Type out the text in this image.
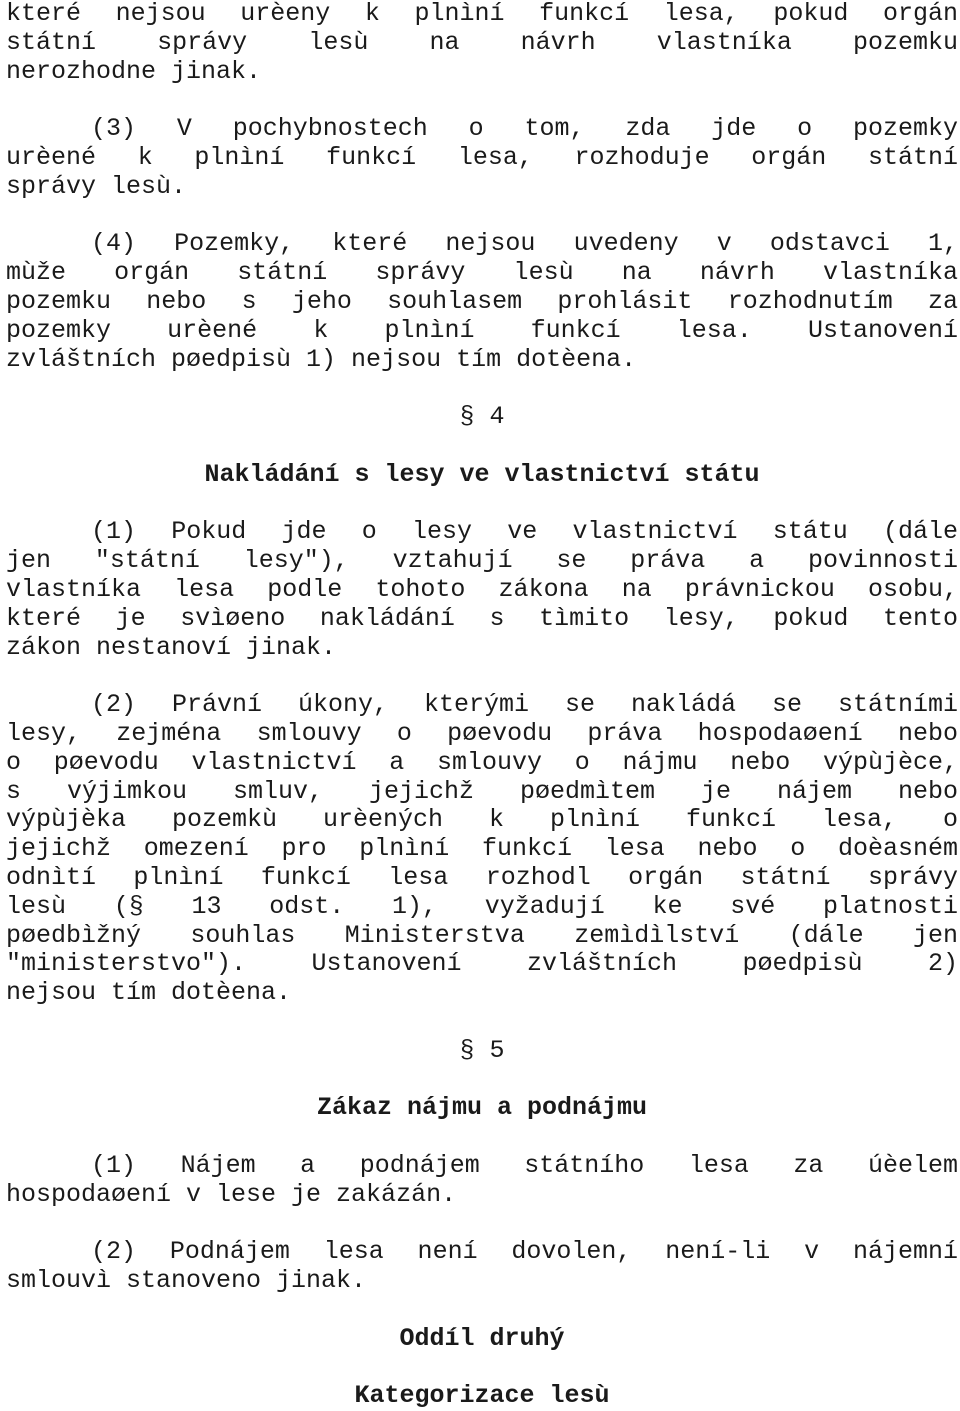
které nejsou urèeny k plnìní funkcí lesa, pokud orgán
státní správy lesù na návrh vlastníka pozemku
nerozhodne jinak.
(3) V pochybnostech o tom, zda jde o pozemky
urèené k plnìní funkcí lesa, rozhoduje orgán státní
správy lesù.
(4) Pozemky, které nejsou uvedeny v odstavci 1,
mùže orgán státní správy lesù na návrh vlastníka
pozemku nebo s jeho souhlasem prohlásit rozhodnutím za
pozemky urèené k plnìní funkcí lesa. Ustanovení
zvláštních pøedpisù 1) nejsou tím dotèena.
§ 4
Nakládání s lesy ve vlastnictví státu
(1) Pokud jde o lesy ve vlastnictví státu (dále
jen "státní lesy"), vztahují se práva a povinnosti
vlastníka lesa podle tohoto zákona na právnickou osobu,
které je svìøeno nakládání s tìmito lesy, pokud tento
zákon nestanoví jinak.
(2) Právní úkony, kterými se nakládá se státními
lesy, zejména smlouvy o pøevodu práva hospodaøení nebo
o pøevodu vlastnictví a smlouvy o nájmu nebo výpùjèce,
s výjimkou smluv, jejichž pøedmìtem je nájem nebo
výpùjèka pozemkù urèených k plnìní funkcí lesa, o
jejichž omezení pro plnìní funkcí lesa nebo o doèasném
odnìtí plnìní funkcí lesa rozhodl orgán státní správy
lesù (§ 13 odst. 1), vyžadují ke své platnosti
pøedbìžný souhlas Ministerstva zemìdìlství (dále jen
"ministerstvo"). Ustanovení zvláštních pøedpisù 2)
nejsou tím dotèena.
§ 5
Zákaz nájmu a podnájmu
(1) Nájem a podnájem státního lesa za úèelem
hospodaøení v lese je zakázán.
(2) Podnájem lesa není dovolen, není-li v nájemní
smlouvì stanoveno jinak.
Oddíl druhý
Kategorizace lesù
